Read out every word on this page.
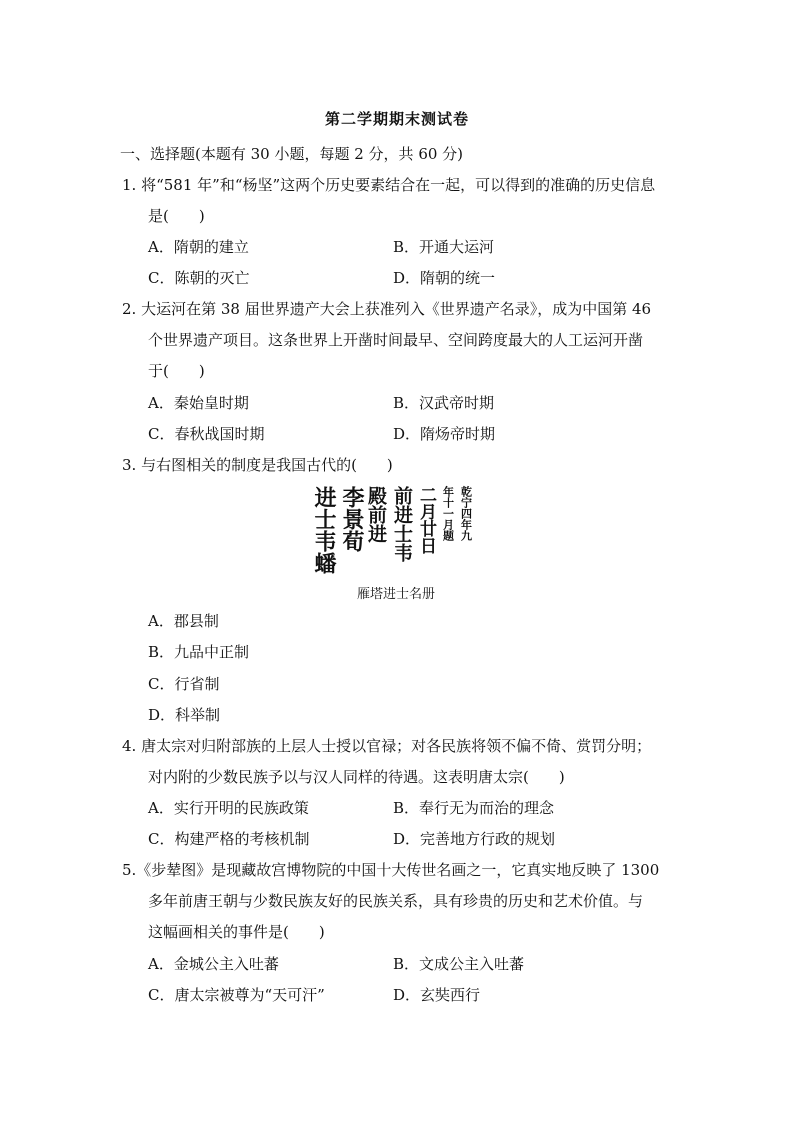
第二学期期末测试卷
一、选择题(本题有 30 小题，每题 2 分，共 60 分)
1. 将“581 年”和“杨坚”这两个历史要素结合在一起，可以得到的准确的历史信息
是(　　)
A．隋朝的建立	B．开通大运河
C．陈朝的灭亡	D．隋朝的统一
2. 大运河在第 38 届世界遗产大会上获准列入《世界遗产名录》，成为中国第 46
个世界遗产项目。这条世界上开凿时间最早、空间跨度最大的人工运河开凿
于(　　)
A．秦始皇时期	B．汉武帝时期
C．春秋战国时期	D．隋炀帝时期
3. 与右图相关的制度是我国古代的(　　)
乾宁四年九
年十一月题
二月廿日
前进士韦
殿前进
李景荀
进士韦蟠
雁塔进士名册
A．郡县制
B．九品中正制
C．行省制
D．科举制
4. 唐太宗对归附部族的上层人士授以官禄；对各民族将领不偏不倚、赏罚分明；
对内附的少数民族予以与汉人同样的待遇。这表明唐太宗(　　)
A．实行开明的民族政策	B．奉行无为而治的理念
C．构建严格的考核机制	D．完善地方行政的规划
5.《步辇图》是现藏故宫博物院的中国十大传世名画之一，它真实地反映了 1300
多年前唐王朝与少数民族友好的民族关系，具有珍贵的历史和艺术价值。与
这幅画相关的事件是(　　)
A．金城公主入吐蕃	B．文成公主入吐蕃
C．唐太宗被尊为“天可汗”	D．玄奘西行
